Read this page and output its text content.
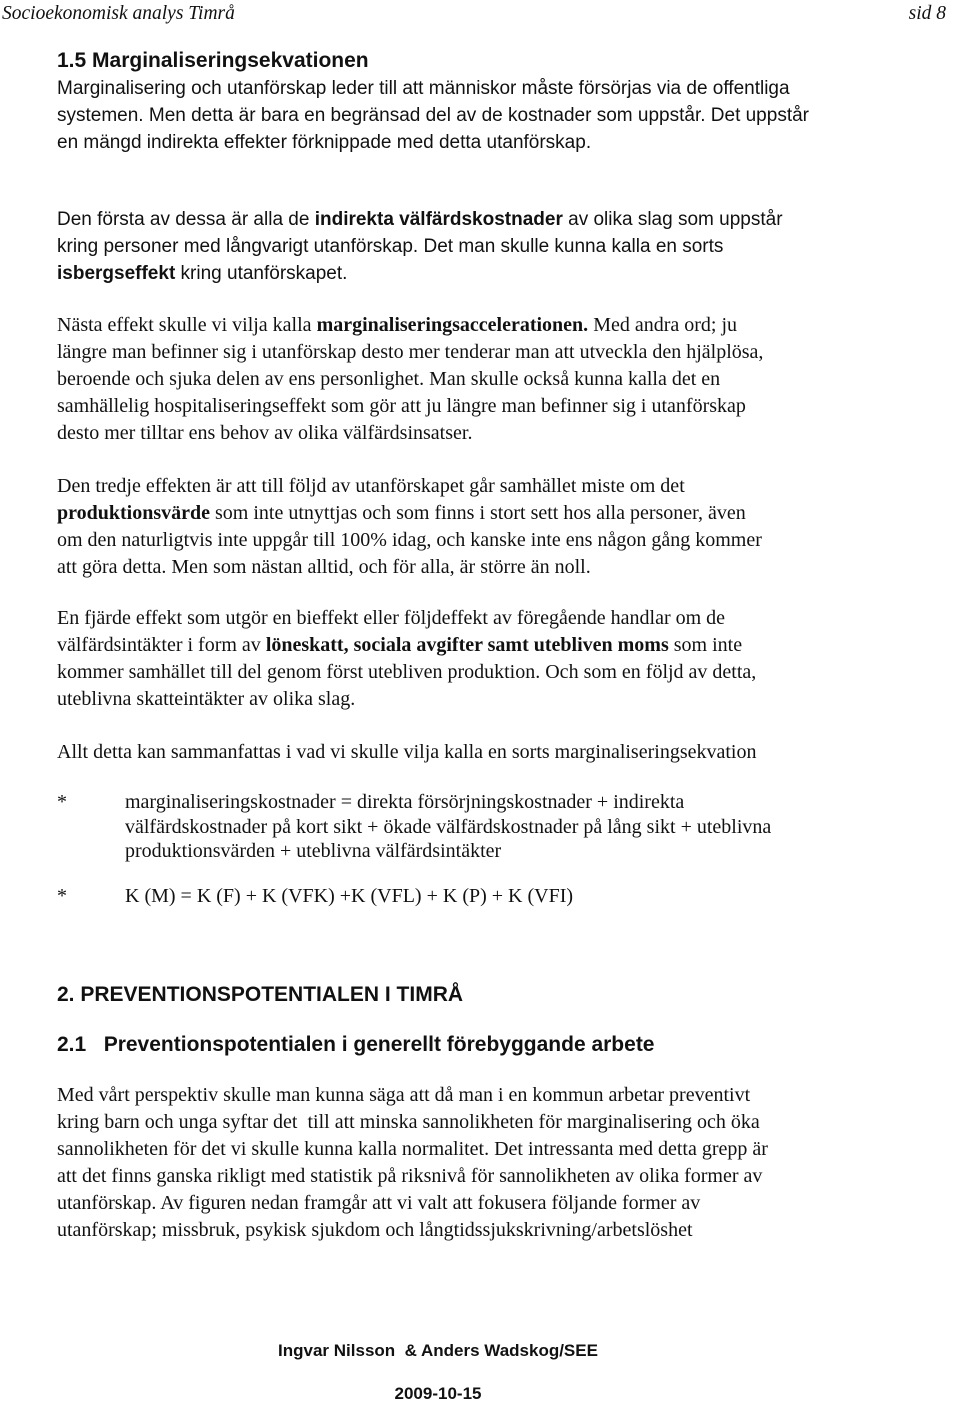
Socioekonomisk analys Timrå	sid 8
1.5 Marginaliseringsekvationen
Marginalisering och utanförskap leder till att människor måste försörjas via de offentliga
systemen. Men detta är bara en begränsad del av de kostnader som uppstår. Det uppstår
en mängd indirekta effekter förknippade med detta utanförskap.
Den första av dessa är alla de indirekta välfärdskostnader av olika slag som uppstår
kring personer med långvarigt utanförskap. Det man skulle kunna kalla en sorts
isbergseffekt kring utanförskapet.
Nästa effekt skulle vi vilja kalla marginaliseringsaccelerationen. Med andra ord; ju
längre man befinner sig i utanförskap desto mer tenderar man att utveckla den hjälplösa,
beroende och sjuka delen av ens personlighet. Man skulle också kunna kalla det en
samhällelig hospitaliseringseffekt som gör att ju längre man befinner sig i utanförskap
desto mer tilltar ens behov av olika välfärdsinsatser.
Den tredje effekten är att till följd av utanförskapet går samhället miste om det
produktionsvärde som inte utnyttjas och som finns i stort sett hos alla personer, även
om den naturligtvis inte uppgår till 100% idag, och kanske inte ens någon gång kommer
att göra detta. Men som nästan alltid, och för alla, är större än noll.
En fjärde effekt som utgör en bieffekt eller följdeffekt av föregående handlar om de
välfärdsintäkter i form av löneskatt, sociala avgifter samt utebliven moms som inte
kommer samhället till del genom först utebliven produktion. Och som en följd av detta,
uteblivna skatteintäkter av olika slag.
Allt detta kan sammanfattas i vad vi skulle vilja kalla en sorts marginaliseringsekvation
*	marginaliseringskostnader = direkta försörjningskostnader + indirekta
välfärdskostnader på kort sikt + ökade välfärdskostnader på lång sikt + uteblivna
produktionsvärden + uteblivna välfärdsintäkter
*	K (M) = K (F) + K (VFK) +K (VFL) + K (P) + K (VFI)
2. PREVENTIONSPOTENTIALEN I TIMRÅ
2.1   Preventionspotentialen i generellt förebyggande arbete
Med vårt perspektiv skulle man kunna säga att då man i en kommun arbetar preventivt
kring barn och unga syftar det  till att minska sannolikheten för marginalisering och öka
sannolikheten för det vi skulle kunna kalla normalitet. Det intressanta med detta grepp är
att det finns ganska rikligt med statistik på riksnivå för sannolikheten av olika former av
utanförskap. Av figuren nedan framgår att vi valt att fokusera följande former av
utanförskap; missbruk, psykisk sjukdom och långtidssjukskrivning/arbetslöshet
Ingvar Nilsson  & Anders Wadskog/SEE
2009-10-15
